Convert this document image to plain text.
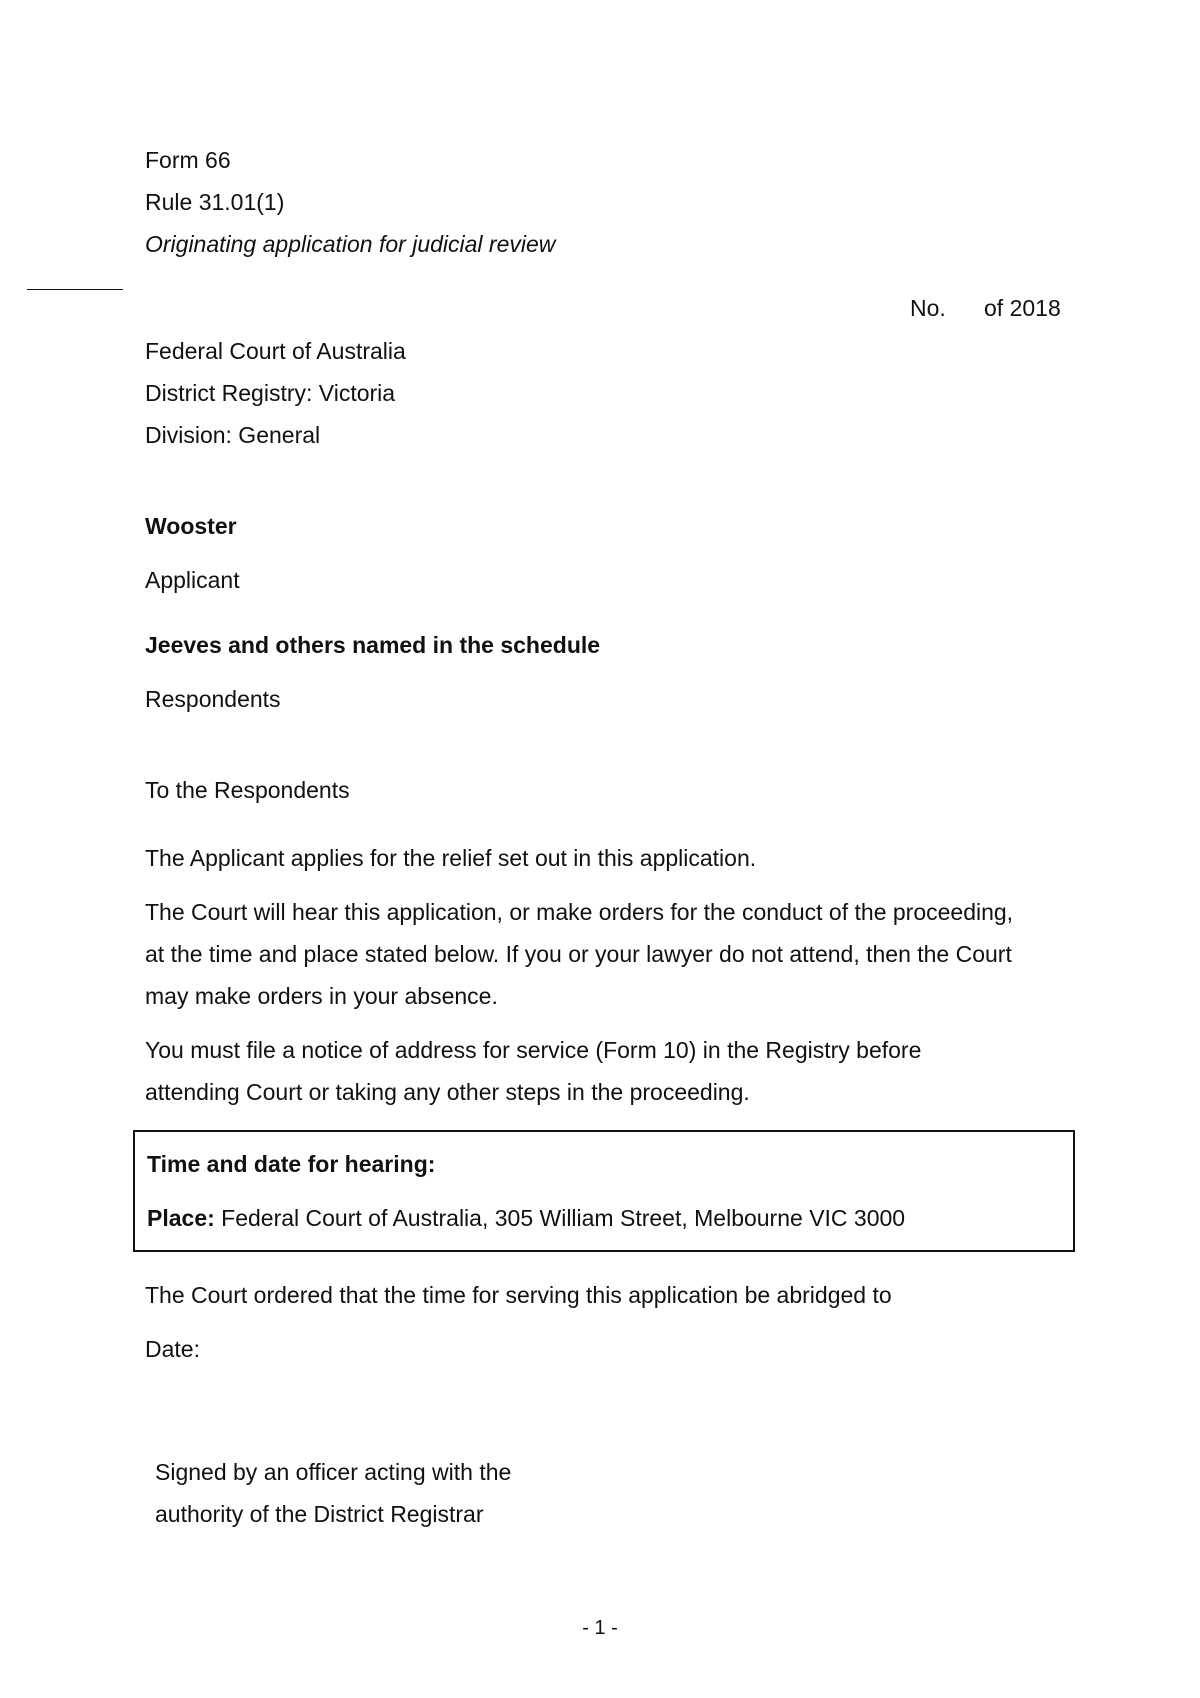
Form 66
Rule 31.01(1)
Originating application for judicial review
No. of 2018
Federal Court of Australia
District Registry: Victoria
Division: General
Wooster
Applicant
Jeeves and others named in the schedule
Respondents
To the Respondents
The Applicant applies for the relief set out in this application.
The Court will hear this application, or make orders for the conduct of the proceeding,
at the time and place stated below. If you or your lawyer do not attend, then the Court
may make orders in your absence.
You must file a notice of address for service (Form 10) in the Registry before
attending Court or taking any other steps in the proceeding.
Time and date for hearing:
Place: Federal Court of Australia, 305 William Street, Melbourne VIC 3000
The Court ordered that the time for serving this application be abridged to
Date:
Signed by an officer acting with the
authority of the District Registrar
- 1 -
